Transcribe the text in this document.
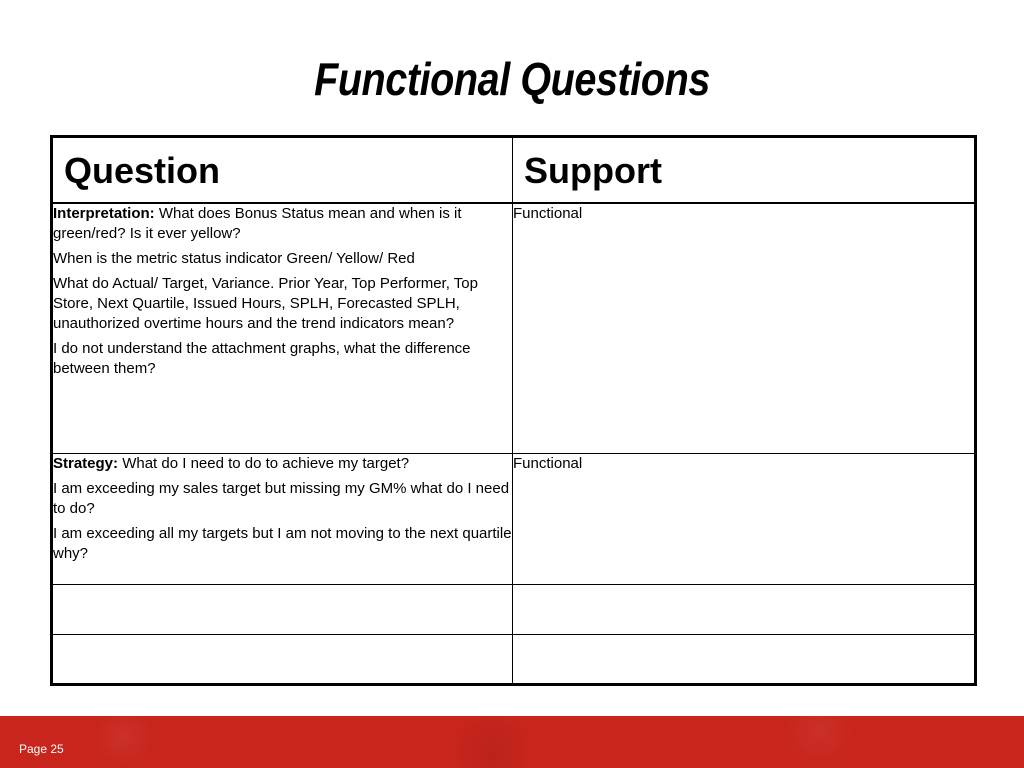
Functional Questions
Question	Support

Interpretation: What does Bonus Status mean and when is it green/red? Is it ever yellow?

When is the metric status indicator Green/ Yellow/ Red

What do Actual/ Target, Variance. Prior Year, Top Performer, Top Store, Next Quartile, Issued Hours, SPLH, Forecasted SPLH, unauthorized overtime hours and the trend indicators mean?

I do not understand the attachment graphs, what the difference between them?	Functional

Strategy: What do I need to do to achieve my target?

I am exceeding my sales target but missing my GM% what do I need to do?

I am exceeding all my targets but I am not moving to the next quartile why?	Functional

Page 25
